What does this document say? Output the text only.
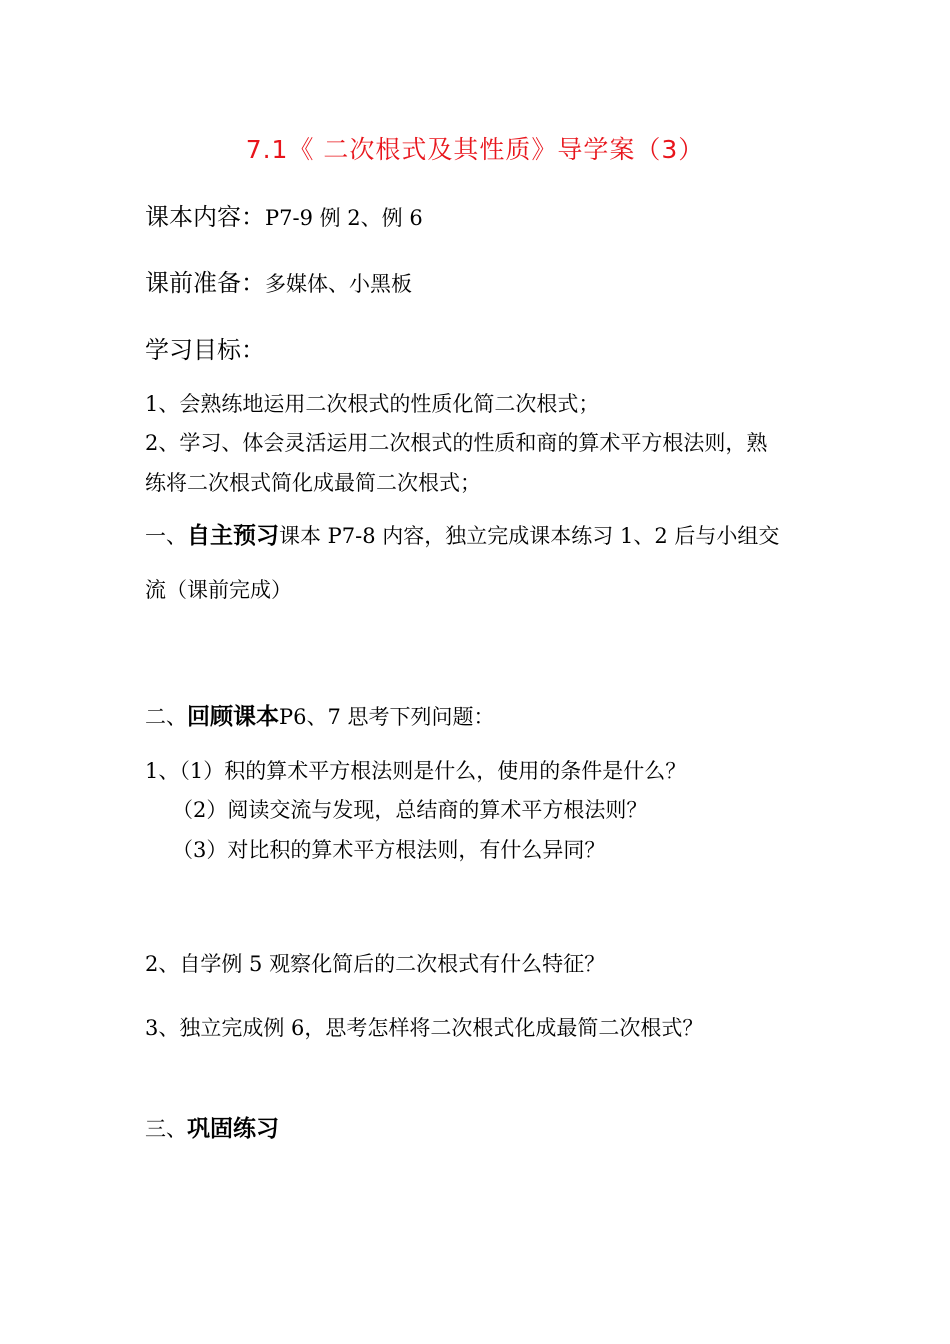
7.1《 二次根式及其性质》导学案（3）
课本内容：P7-9 例 2、例 6
课前准备：多媒体、小黑板
学习目标：
1、会熟练地运用二次根式的性质化简二次根式；
2、学习、体会灵活运用二次根式的性质和商的算术平方根法则，熟
练将二次根式简化成最简二次根式；
一、自主预习课本 P7-8 内容，独立完成课本练习 1、2 后与小组交
流（课前完成）
二、回顾课本P6、7 思考下列问题：
1、（1）积的算术平方根法则是什么，使用的条件是什么？
（2）阅读交流与发现，总结商的算术平方根法则？
（3）对比积的算术平方根法则，有什么异同？
2、自学例 5 观察化简后的二次根式有什么特征？
3、独立完成例 6，思考怎样将二次根式化成最简二次根式？
三、巩固练习
